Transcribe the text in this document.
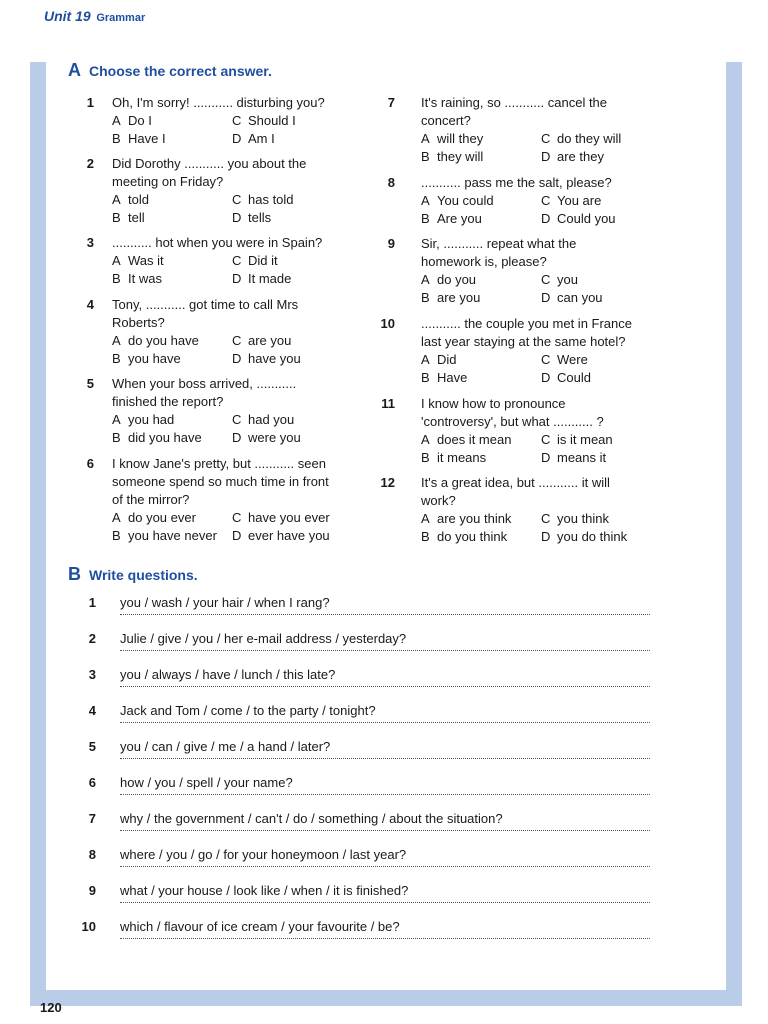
Unit 19 Grammar
A Choose the correct answer.
1 Oh, I'm sorry! ........... disturbing you?
A Do I	C Should I
B Have I	D Am I
2 Did Dorothy ........... you about the meeting on Friday?
A told	C has told
B tell	D tells
3 ........... hot when you were in Spain?
A Was it	C Did it
B It was	D It made
4 Tony, ........... got time to call Mrs Roberts?
A do you have	C are you
B you have	D have you
5 When your boss arrived, ........... finished the report?
A you had	C had you
B did you have	D were you
6 I know Jane's pretty, but ........... seen someone spend so much time in front of the mirror?
A do you ever	C have you ever
B you have never	D ever have you
7 It's raining, so ........... cancel the concert?
A will they	C do they will
B they will	D are they
8 ........... pass me the salt, please?
A You could	C You are
B Are you	D Could you
9 Sir, ........... repeat what the homework is, please?
A do you	C you
B are you	D can you
10 ........... the couple you met in France last year staying at the same hotel?
A Did	C Were
B Have	D Could
11 I know how to pronounce 'controversy', but what ........... ?
A does it mean	C is it mean
B it means	D means it
12 It's a great idea, but ........... it will work?
A are you think	C you think
B do you think	D you do think
B Write questions.
1 you / wash / your hair / when I rang?
2 Julie / give / you / her e-mail address / yesterday?
3 you / always / have / lunch / this late?
4 Jack and Tom / come / to the party / tonight?
5 you / can / give / me / a hand / later?
6 how / you / spell / your name?
7 why / the government / can't / do / something / about the situation?
8 where / you / go / for your honeymoon / last year?
9 what / your house / look like / when / it is finished?
10 which / flavour of ice cream / your favourite / be?
120
